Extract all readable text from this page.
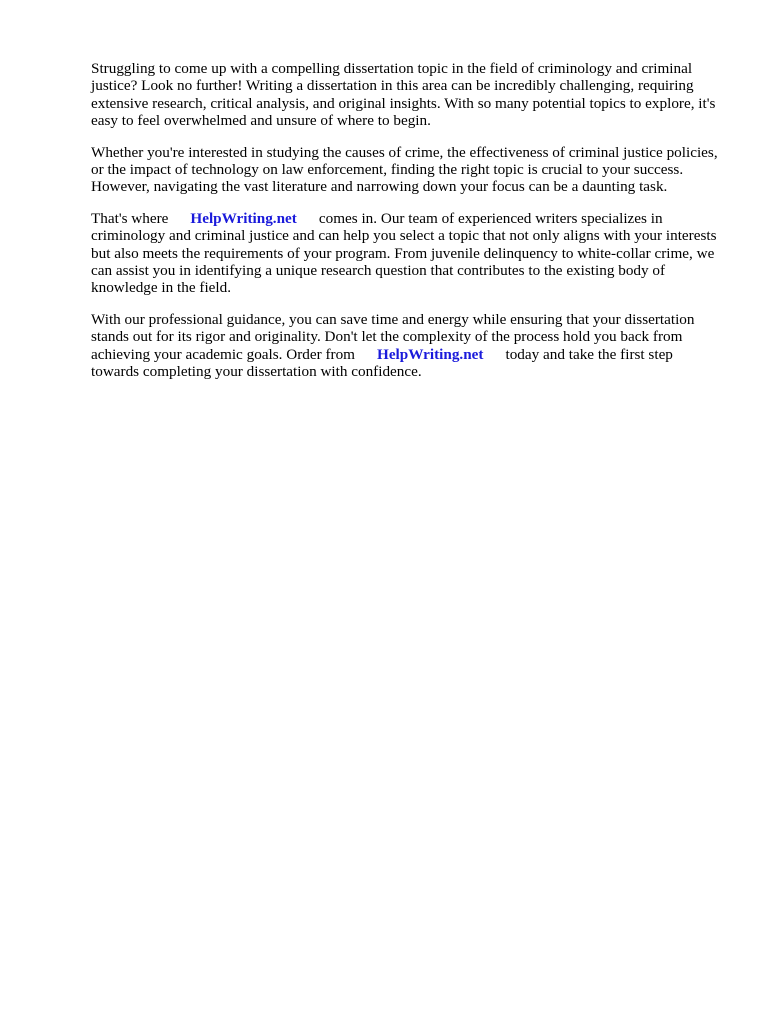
Struggling to come up with a compelling dissertation topic in the field of criminology and criminal justice? Look no further! Writing a dissertation in this area can be incredibly challenging, requiring extensive research, critical analysis, and original insights. With so many potential topics to explore, it's easy to feel overwhelmed and unsure of where to begin.

Whether you're interested in studying the causes of crime, the effectiveness of criminal justice policies, or the impact of technology on law enforcement, finding the right topic is crucial to your success. However, navigating the vast literature and narrowing down your focus can be a daunting task.

That's where HelpWriting.net comes in. Our team of experienced writers specializes in criminology and criminal justice and can help you select a topic that not only aligns with your interests but also meets the requirements of your program. From juvenile delinquency to white-collar crime, we can assist you in identifying a unique research question that contributes to the existing body of knowledge in the field.

With our professional guidance, you can save time and energy while ensuring that your dissertation stands out for its rigor and originality. Don't let the complexity of the process hold you back from achieving your academic goals. Order from HelpWriting.net today and take the first step towards completing your dissertation with confidence.
